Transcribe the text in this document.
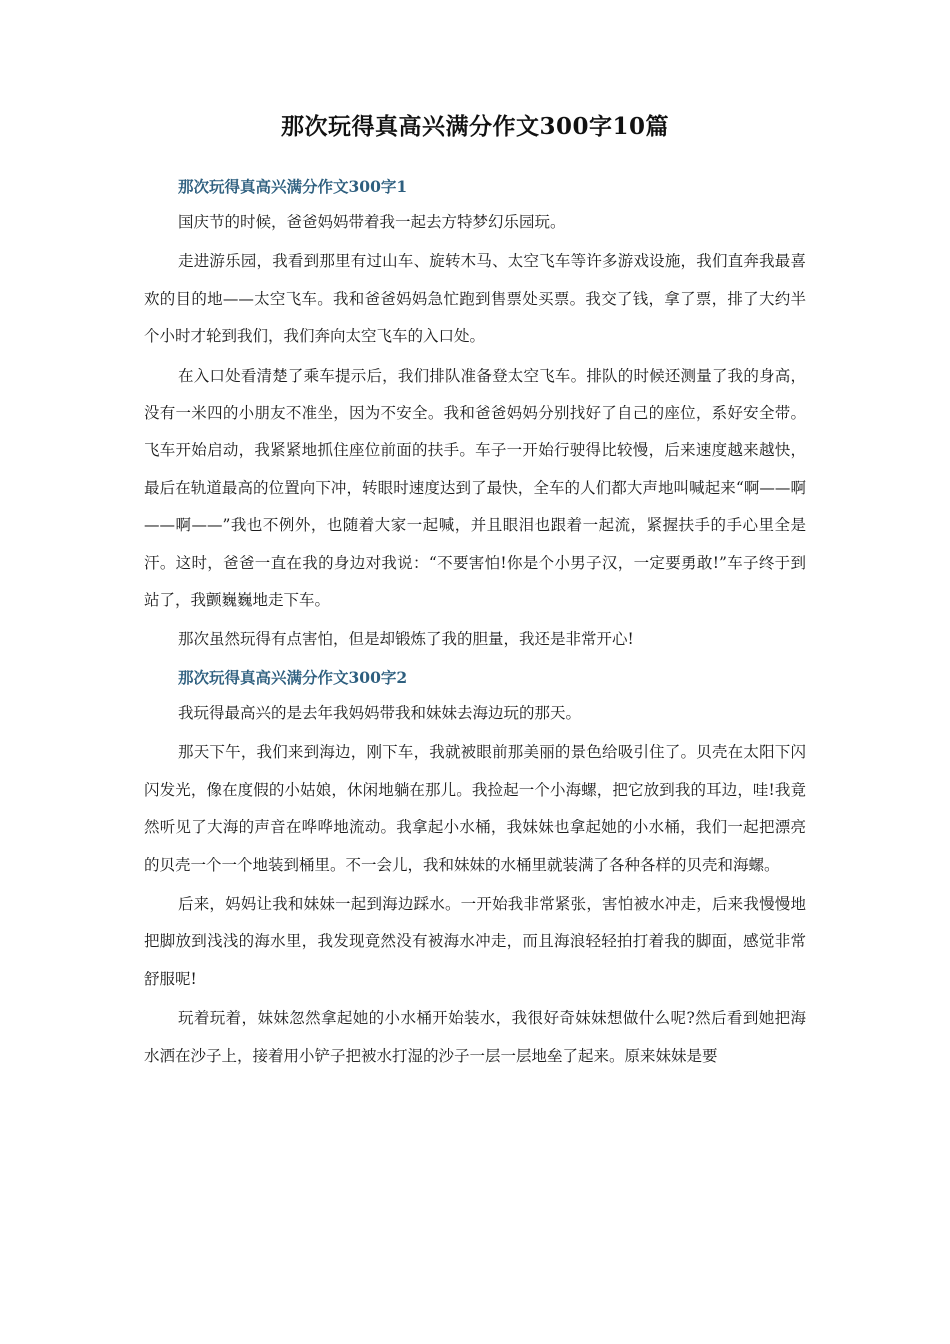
那次玩得真高兴满分作文300字10篇
那次玩得真高兴满分作文300字1

国庆节的时候，爸爸妈妈带着我一起去方特梦幻乐园玩。

走进游乐园，我看到那里有过山车、旋转木马、太空飞车等许多游戏设施，我们直奔我最喜欢的目的地——太空飞车。我和爸爸妈妈急忙跑到售票处买票。我交了钱，拿了票，排了大约半个小时才轮到我们，我们奔向太空飞车的入口处。

在入口处看清楚了乘车提示后，我们排队准备登太空飞车。排队的时候还测量了我的身高，没有一米四的小朋友不准坐，因为不安全。我和爸爸妈妈分别找好了自己的座位，系好安全带。飞车开始启动，我紧紧地抓住座位前面的扶手。车子一开始行驶得比较慢，后来速度越来越快，最后在轨道最高的位置向下冲，转眼时速度达到了最快，全车的人们都大声地叫喊起来“啊——啊——啊——”我也不例外，也随着大家一起喊，并且眼泪也跟着一起流，紧握扶手的手心里全是汗。这时，爸爸一直在我的身边对我说：“不要害怕!你是个小男子汉，一定要勇敢!”车子终于到站了，我颤巍巍地走下车。

那次虽然玩得有点害怕，但是却锻炼了我的胆量，我还是非常开心!

那次玩得真高兴满分作文300字2

我玩得最高兴的是去年我妈妈带我和妹妹去海边玩的那天。

那天下午，我们来到海边，刚下车，我就被眼前那美丽的景色给吸引住了。贝壳在太阳下闪闪发光，像在度假的小姑娘，休闲地躺在那儿。我捡起一个小海螺，把它放到我的耳边，哇!我竟然听见了大海的声音在哗哗地流动。我拿起小水桶，我妹妹也拿起她的小水桶，我们一起把漂亮的贝壳一个一个地装到桶里。不一会儿，我和妹妹的水桶里就装满了各种各样的贝壳和海螺。

后来，妈妈让我和妹妹一起到海边踩水。一开始我非常紧张，害怕被水冲走，后来我慢慢地把脚放到浅浅的海水里，我发现竟然没有被海水冲走，而且海浪轻轻拍打着我的脚面，感觉非常舒服呢!

玩着玩着，妹妹忽然拿起她的小水桶开始装水，我很好奇妹妹想做什么呢?然后看到她把海水洒在沙子上，接着用小铲子把被水打湿的沙子一层一层地垒了起来。原来妹妹是要
